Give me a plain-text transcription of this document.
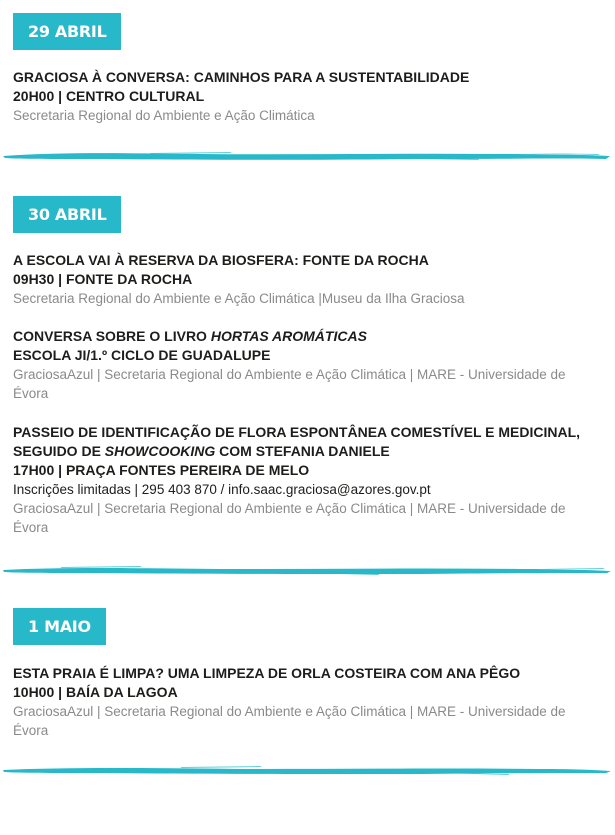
29 ABRIL
GRACIOSA À CONVERSA: CAMINHOS PARA A SUSTENTABILIDADE
20H00 | CENTRO CULTURAL
Secretaria Regional do Ambiente e Ação Climática
30 ABRIL
A ESCOLA VAI À RESERVA DA BIOSFERA: FONTE DA ROCHA
09H30 | FONTE DA ROCHA
Secretaria Regional do Ambiente e Ação Climática |Museu da Ilha Graciosa
CONVERSA SOBRE O LIVRO HORTAS AROMÁTICAS
ESCOLA JI/1.º CICLO DE GUADALUPE
GraciosaAzul | Secretaria Regional do Ambiente e Ação Climática | MARE - Universidade de Évora
PASSEIO DE IDENTIFICAÇÃO DE FLORA ESPONTÂNEA COMESTÍVEL E MEDICINAL,
SEGUIDO DE SHOWCOOKING COM STEFANIA DANIELE
17H00 | PRAÇA FONTES PEREIRA DE MELO
Inscrições limitadas | 295 403 870 / info.saac.graciosa@azores.gov.pt
GraciosaAzul | Secretaria Regional do Ambiente e Ação Climática | MARE - Universidade de Évora
1 MAIO
ESTA PRAIA É LIMPA? UMA LIMPEZA DE ORLA COSTEIRA COM ANA PÊGO
10H00 | BAÍA DA LAGOA
GraciosaAzul | Secretaria Regional do Ambiente e Ação Climática | MARE - Universidade de Évora
